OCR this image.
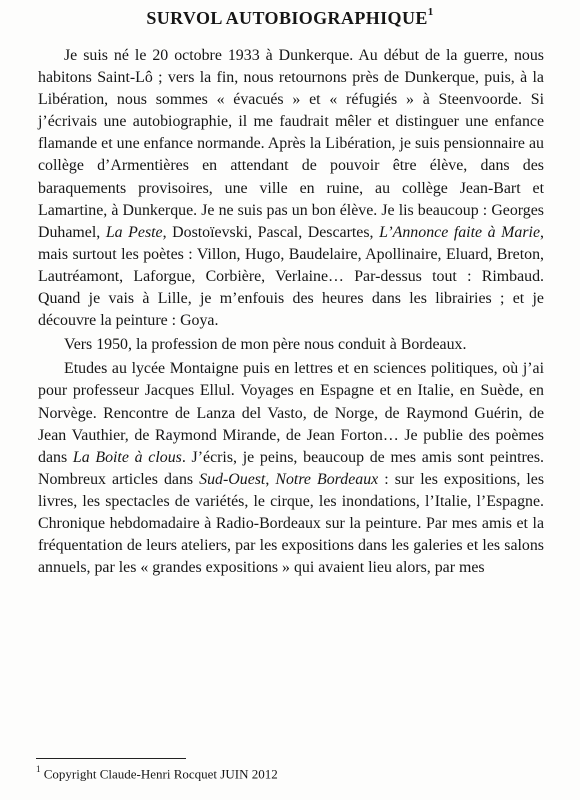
SURVOL AUTOBIOGRAPHIQUE$^1$

Je suis né le 20 octobre 1933 à Dunkerque. Au début de la guerre, nous habitons Saint-Lô ; vers la fin, nous retournons près de Dunkerque, puis, à la Libération, nous sommes « évacués » et « réfugiés » à Steenvoorde. Si j’écrivais une autobiographie, il me faudrait mêler et distinguer une enfance flamande et une enfance normande. Après la Libération, je suis pensionnaire au collège d’Armentières en attendant de pouvoir être élève, dans des baraquements provisoires, une ville en ruine, au collège Jean-Bart et Lamartine, à Dunkerque. Je ne suis pas un bon élève. Je lis beaucoup : Georges Duhamel, La Peste, Dostoïevski, Pascal, Descartes, L’Annonce faite à Marie, mais surtout les poètes : Villon, Hugo, Baudelaire, Apollinaire, Eluard, Breton, Lautréamont, Laforgue, Corbière, Verlaine… Par-dessus tout : Rimbaud. Quand je vais à Lille, je m’enfouis des heures dans les librairies ; et je découvre la peinture : Goya.

Vers 1950, la profession de mon père nous conduit à Bordeaux.

Etudes au lycée Montaigne puis en lettres et en sciences politiques, où j’ai pour professeur Jacques Ellul. Voyages en Espagne et en Italie, en Suède, en Norvège. Rencontre de Lanza del Vasto, de Norge, de Raymond Guérin, de Jean Vauthier, de Raymond Mirande, de Jean Forton… Je publie des poèmes dans La Boite à clous. J’écris, je peins, beaucoup de mes amis sont peintres. Nombreux articles dans Sud-Ouest, Notre Bordeaux : sur les expositions, les livres, les spectacles de variétés, le cirque, les inondations, l’Italie, l’Espagne. Chronique hebdomadaire à Radio-Bordeaux sur la peinture. Par mes amis et la fréquentation de leurs ateliers, par les expositions dans les galeries et les salons annuels, par les « grandes expositions » qui avaient lieu alors, par mes

$^1$ Copyright Claude-Henri Rocquet JUIN 2012
